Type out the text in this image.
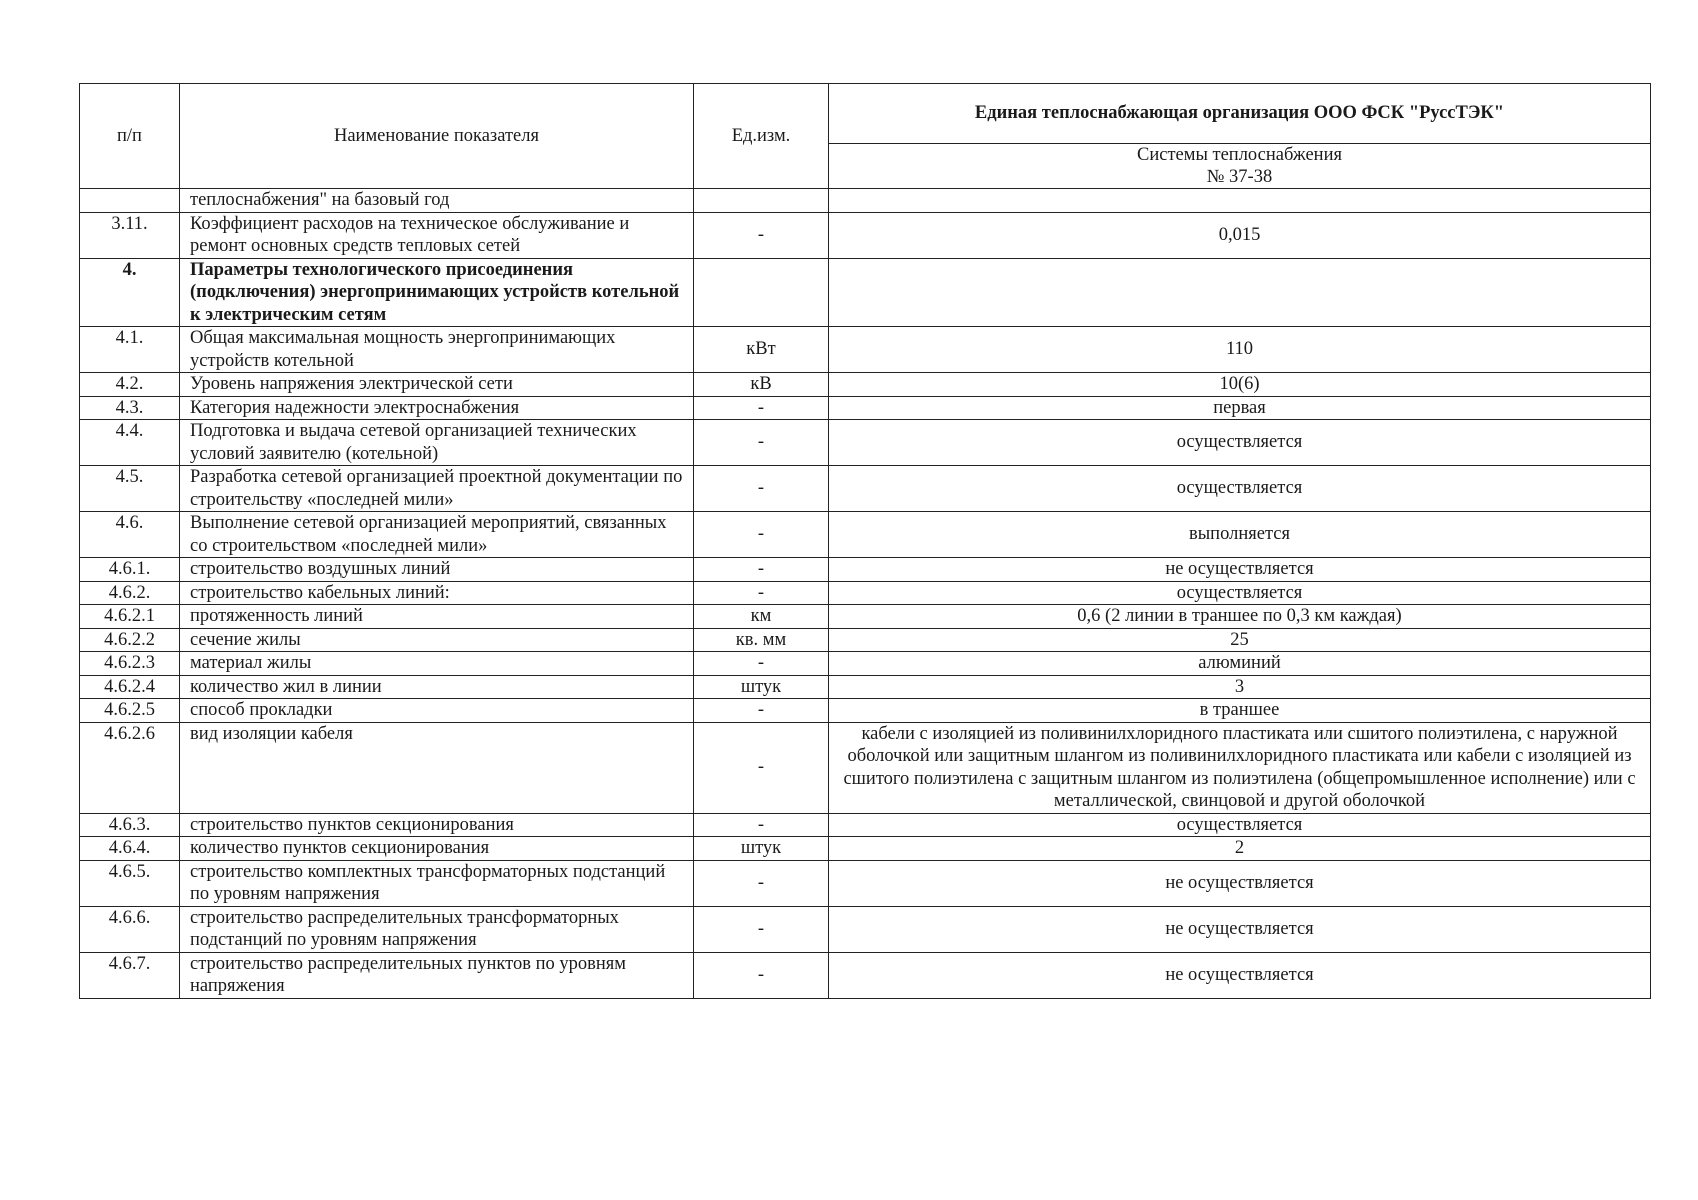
п/п	Наименование показателя	Ед.изм.	Единая теплоснабжающая организация ООО ФСК "РуссТЭК"
			Системы теплоснабжения
№ 37-38
	теплоснабжения" на базовый год		
3.11.	Коэффициент расходов на техническое обслуживание и ремонт основных средств тепловых сетей	-	0,015
4.	Параметры технологического присоединения (подключения) энергопринимающих устройств котельной к электрическим сетям		
4.1.	Общая максимальная мощность энергопринимающих устройств котельной	кВт	110
4.2.	Уровень напряжения электрической сети	кВ	10(6)
4.3.	Категория надежности электроснабжения	-	первая
4.4.	Подготовка и выдача сетевой организацией технических условий заявителю (котельной)	-	осуществляется
4.5.	Разработка сетевой организацией проектной документации по строительству «последней мили»	-	осуществляется
4.6.	Выполнение сетевой организацией мероприятий, связанных со строительством «последней мили»	-	выполняется
4.6.1.	строительство воздушных линий	-	не осуществляется
4.6.2.	строительство кабельных линий:	-	осуществляется
4.6.2.1	протяженность линий	км	0,6 (2 линии в траншее по 0,3 км каждая)
4.6.2.2	сечение жилы	кв. мм	25
4.6.2.3	материал жилы	-	алюминий
4.6.2.4	количество жил в линии	штук	3
4.6.2.5	способ прокладки	-	в траншее
4.6.2.6	вид изоляции кабеля	-	кабели с изоляцией из поливинилхлоридного пластиката или сшитого полиэтилена, с наружной оболочкой или защитным шлангом из поливинилхлоридного пластиката или кабели с изоляцией из сшитого полиэтилена с защитным шлангом из полиэтилена (общепромышленное исполнение) или с металлической, свинцовой и другой оболочкой
4.6.3.	строительство пунктов секционирования	-	осуществляется
4.6.4.	количество пунктов секционирования	штук	2
4.6.5.	строительство комплектных трансформаторных подстанций по уровням напряжения	-	не осуществляется
4.6.6.	строительство распределительных трансформаторных подстанций по уровням напряжения	-	не осуществляется
4.6.7.	строительство распределительных пунктов по уровням напряжения	-	не осуществляется
